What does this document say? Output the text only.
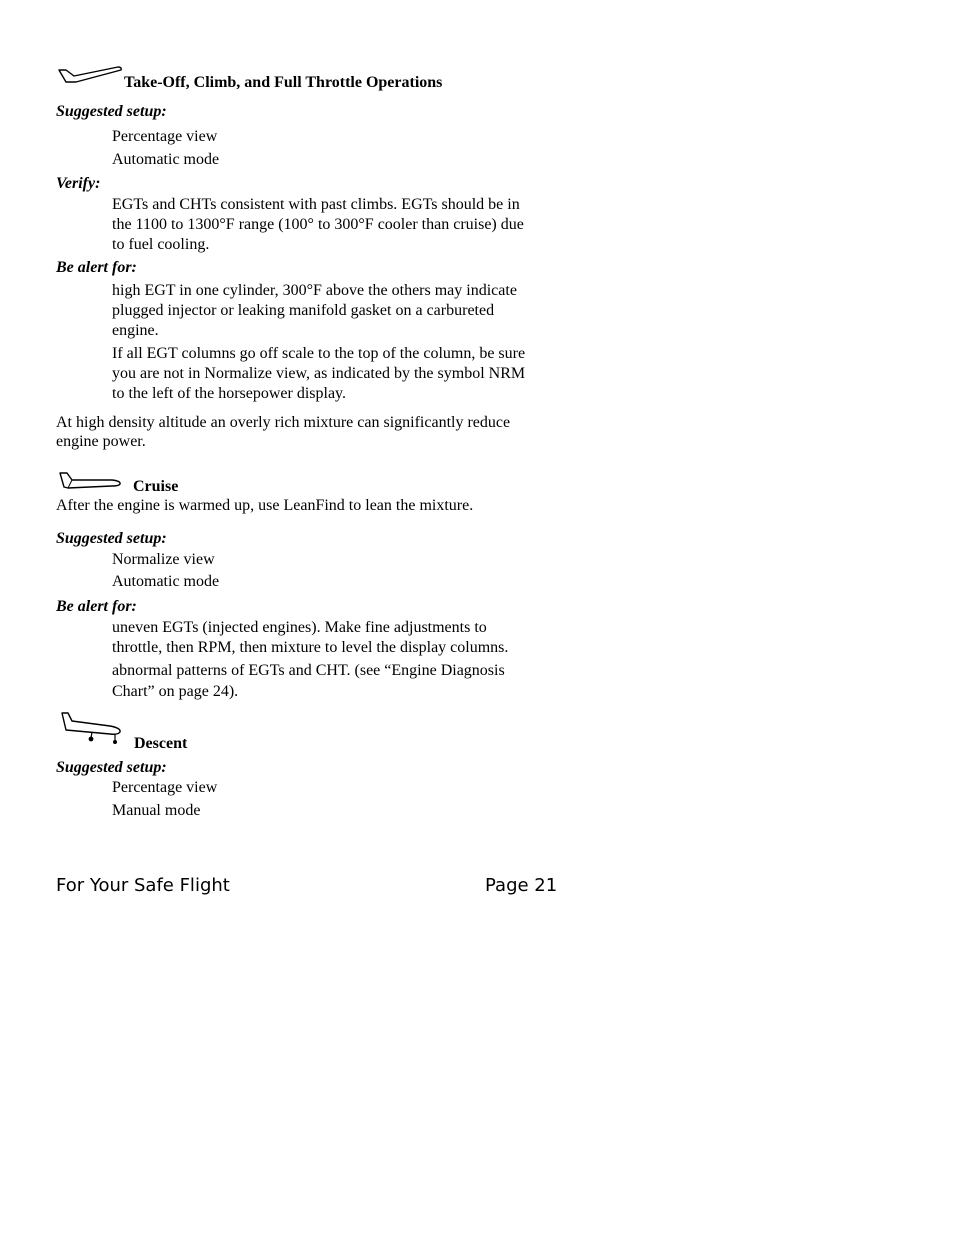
Take-Off, Climb, and Full Throttle Operations
Suggested setup:
Percentage view
Automatic mode
Verify:
EGTs and CHTs consistent with past climbs. EGTs should be in
the 1100 to 1300°F range (100° to 300°F cooler than cruise) due
to fuel cooling.
Be alert for:
high EGT in one cylinder, 300°F above the others may indicate
plugged injector or leaking manifold gasket on a carbureted
engine.
If all EGT columns go off scale to the top of the column, be sure
you are not in Normalize view, as indicated by the symbol NRM
to the left of the horsepower display.
At high density altitude an overly rich mixture can significantly reduce
engine power.
Cruise
After the engine is warmed up, use LeanFind to lean the mixture.
Suggested setup:
Normalize view
Automatic mode
Be alert for:
uneven EGTs (injected engines). Make fine adjustments to
throttle, then RPM, then mixture to level the display columns.
abnormal patterns of EGTs and CHT. (see “Engine Diagnosis
Chart” on page 24).
Descent
Suggested setup:
Percentage view
Manual mode
For Your Safe Flight	Page 21
